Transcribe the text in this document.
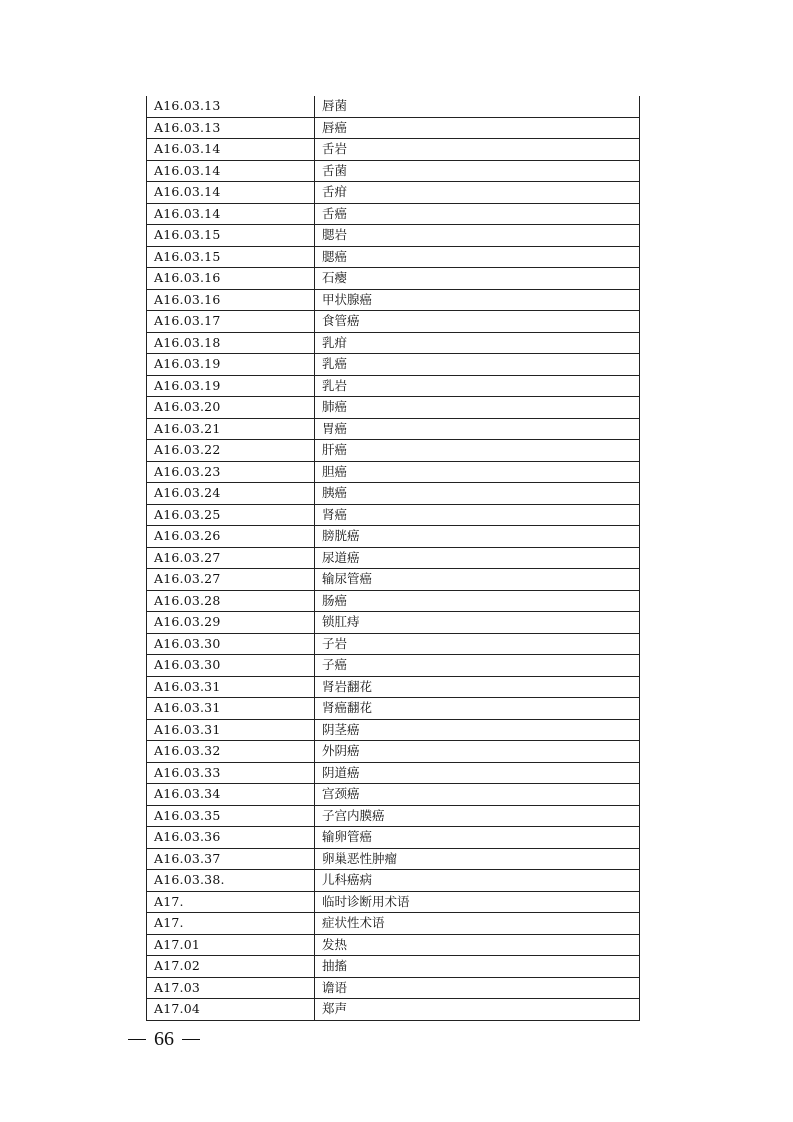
A16.03.13	唇菌
A16.03.13	唇癌
A16.03.14	舌岩
A16.03.14	舌菌
A16.03.14	舌疳
A16.03.14	舌癌
A16.03.15	腮岩
A16.03.15	腮癌
A16.03.16	石瘿
A16.03.16	甲状腺癌
A16.03.17	食管癌
A16.03.18	乳疳
A16.03.19	乳癌
A16.03.19	乳岩
A16.03.20	肺癌
A16.03.21	胃癌
A16.03.22	肝癌
A16.03.23	胆癌
A16.03.24	胰癌
A16.03.25	肾癌
A16.03.26	膀胱癌
A16.03.27	尿道癌
A16.03.27	输尿管癌
A16.03.28	肠癌
A16.03.29	锁肛痔
A16.03.30	子岩
A16.03.30	子癌
A16.03.31	肾岩翻花
A16.03.31	肾癌翻花
A16.03.31	阴茎癌
A16.03.32	外阴癌
A16.03.33	阴道癌
A16.03.34	宫颈癌
A16.03.35	子宫内膜癌
A16.03.36	输卵管癌
A16.03.37	卵巢恶性肿瘤
A16.03.38.	儿科癌病
A17.	临时诊断用术语
A17.	症状性术语
A17.01	发热
A17.02	抽搐
A17.03	谵语
A17.04	郑声
66
